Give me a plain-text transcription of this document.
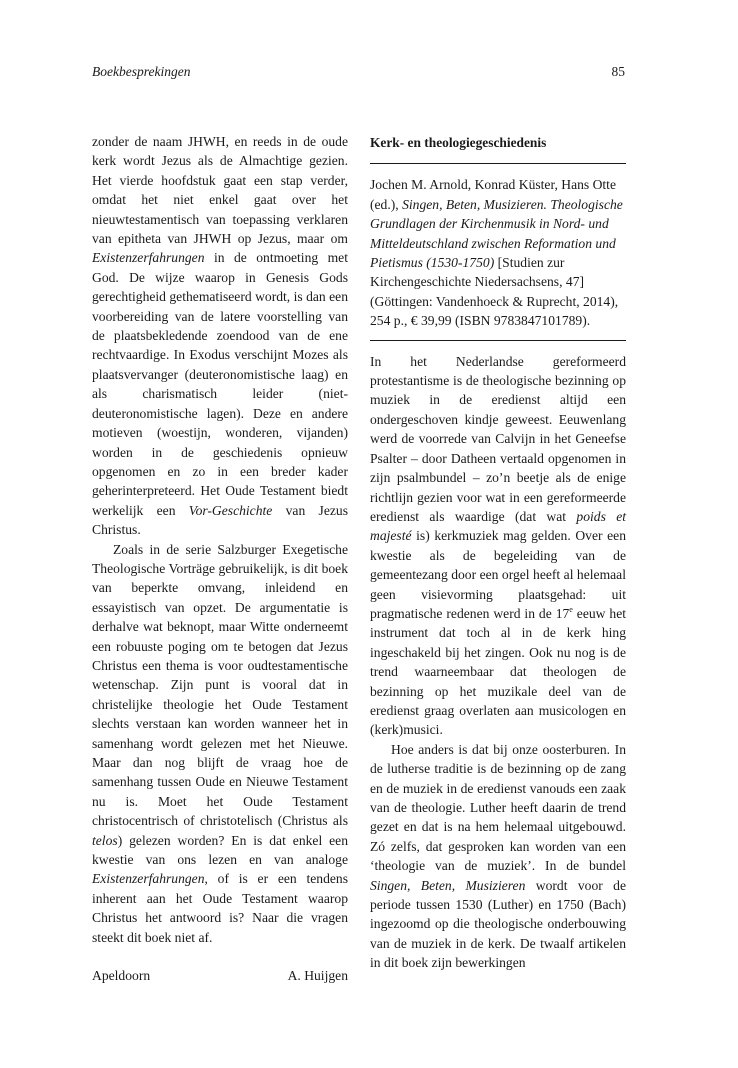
Boekbesprekingen	85

zonder de naam JHWH, en reeds in de oude kerk wordt Jezus als de Almachtige gezien. Het vierde hoofdstuk gaat een stap verder, omdat het niet enkel gaat over het nieuwtestamentisch van toepassing verklaren van epitheta van JHWH op Jezus, maar om Existenzerfahrungen in de ontmoeting met God. De wijze waarop in Genesis Gods gerechtigheid gethematiseerd wordt, is dan een voorbereiding van de latere voorstelling van de plaatsbekledende zoendood van de ene rechtvaardige. In Exodus verschijnt Mozes als plaatsvervanger (deuteronomistische laag) en als charismatisch leider (niet-deuteronomistische lagen). Deze en andere motieven (woestijn, wonderen, vijanden) worden in de geschiedenis opnieuw opgenomen en zo in een breder kader geherinterpreteerd. Het Oude Testament biedt werkelijk een Vor-Geschichte van Jezus Christus.

Zoals in de serie Salzburger Exegetische Theologische Vorträge gebruikelijk, is dit boek van beperkte omvang, inleidend en essayistisch van opzet. De argumentatie is derhalve wat beknopt, maar Witte onderneemt een robuuste poging om te betogen dat Jezus Christus een thema is voor oudtestamentische wetenschap. Zijn punt is vooral dat in christelijke theologie het Oude Testament slechts verstaan kan worden wanneer het in samenhang wordt gelezen met het Nieuwe. Maar dan nog blijft de vraag hoe de samenhang tussen Oude en Nieuwe Testament nu is. Moet het Oude Testament christocentrisch of christotelisch (Christus als telos) gelezen worden? En is dat enkel een kwestie van ons lezen en van analoge Existenzerfahrungen, of is er een tendens inherent aan het Oude Testament waarop Christus het antwoord is? Naar die vragen steekt dit boek niet af.

Apeldoorn	A. Huijgen
Kerk- en theologiegeschiedenis

Jochen M. Arnold, Konrad Küster, Hans Otte (ed.), Singen, Beten, Musizieren. Theologische Grundlagen der Kirchenmusik in Nord- und Mitteldeutschland zwischen Reformation und Pietismus (1530-1750) [Studien zur Kirchengeschichte Niedersachsens, 47] (Göttingen: Vandenhoeck & Ruprecht, 2014), 254 p., € 39,99 (ISBN 9783847101789).

In het Nederlandse gereformeerd protestantisme is de theologische bezinning op muziek in de eredienst altijd een ondergeschoven kindje geweest. Eeuwenlang werd de voorrede van Calvijn in het Geneefse Psalter – door Datheen vertaald opgenomen in zijn psalmbundel – zo’n beetje als de enige richtlijn gezien voor wat in een gereformeerde eredienst als waardige (dat wat poids et majesté is) kerkmuziek mag gelden. Over een kwestie als de begeleiding van de gemeentezang door een orgel heeft al helemaal geen visievorming plaatsgehad: uit pragmatische redenen werd in de 17e eeuw het instrument dat toch al in de kerk hing ingeschakeld bij het zingen. Ook nu nog is de trend waarneembaar dat theologen de bezinning op het muzikale deel van de eredienst graag overlaten aan musicologen en (kerk)musici.

Hoe anders is dat bij onze oosterburen. In de lutherse traditie is de bezinning op de zang en de muziek in de eredienst vanouds een zaak van de theologie. Luther heeft daarin de trend gezet en dat is na hem helemaal uitgebouwd. Zó zelfs, dat gesproken kan worden van een ‘theologie van de muziek’. In de bundel Singen, Beten, Musizieren wordt voor de periode tussen 1530 (Luther) en 1750 (Bach) ingezoomd op die theologische onderbouwing van de muziek in de kerk. De twaalf artikelen in dit boek zijn bewerkingen
